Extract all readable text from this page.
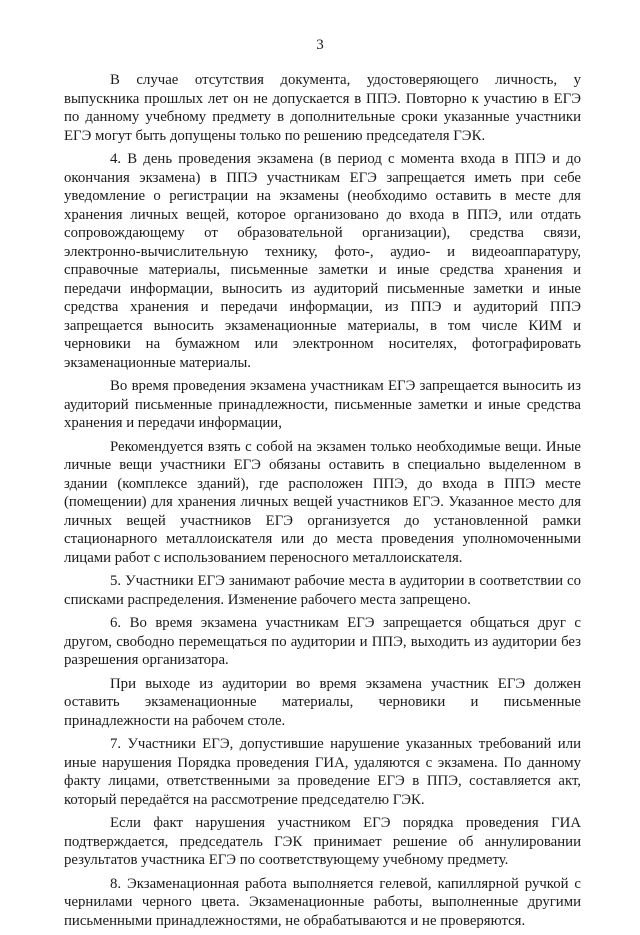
3

В случае отсутствия документа, удостоверяющего личность, у выпускника прошлых лет он не допускается в ППЭ. Повторно к участию в ЕГЭ по данному учебному предмету в дополнительные сроки указанные участники ЕГЭ могут быть допущены только по решению председателя ГЭК.

4. В день проведения экзамена (в период с момента входа в ППЭ и до окончания экзамена) в ППЭ участникам ЕГЭ запрещается иметь при себе уведомление о регистрации на экзамены (необходимо оставить в месте для хранения личных вещей, которое организовано до входа в ППЭ, или отдать сопровождающему от образовательной организации), средства связи, электронно-вычислительную технику, фото-, аудио- и видеоаппаратуру, справочные материалы, письменные заметки и иные средства хранения и передачи информации, выносить из аудиторий письменные заметки и иные средства хранения и передачи информации, из ППЭ и аудиторий ППЭ запрещается выносить экзаменационные материалы, в том числе КИМ и черновики на бумажном или электронном носителях, фотографировать экзаменационные материалы.

Во время проведения экзамена участникам ЕГЭ запрещается выносить из аудиторий письменные принадлежности, письменные заметки и иные средства хранения и передачи информации,

Рекомендуется взять с собой на экзамен только необходимые вещи. Иные личные вещи участники ЕГЭ обязаны оставить в специально выделенном в здании (комплексе зданий), где расположен ППЭ, до входа в ППЭ месте (помещении) для хранения личных вещей участников ЕГЭ. Указанное место для личных вещей участников ЕГЭ организуется до установленной рамки стационарного металлоискателя или до места проведения уполномоченными лицами работ с использованием переносного металлоискателя.

5. Участники ЕГЭ занимают рабочие места в аудитории в соответствии со списками распределения. Изменение рабочего места запрещено.

6. Во время экзамена участникам ЕГЭ запрещается общаться друг с другом, свободно перемещаться по аудитории и ППЭ, выходить из аудитории без разрешения организатора.

При выходе из аудитории во время экзамена участник ЕГЭ должен оставить экзаменационные материалы, черновики и письменные принадлежности на рабочем столе.

7. Участники ЕГЭ, допустившие нарушение указанных требований или иные нарушения Порядка проведения ГИА, удаляются с экзамена. По данному факту лицами, ответственными за проведение ЕГЭ в ППЭ, составляется акт, который передаётся на рассмотрение председателю ГЭК.

Если факт нарушения участником ЕГЭ порядка проведения ГИА подтверждается, председатель ГЭК принимает решение об аннулировании результатов участника ЕГЭ по соответствующему учебному предмету.

8. Экзаменационная работа выполняется гелевой, капиллярной ручкой с чернилами черного цвета. Экзаменационные работы, выполненные другими письменными принадлежностями, не обрабатываются и не проверяются.
